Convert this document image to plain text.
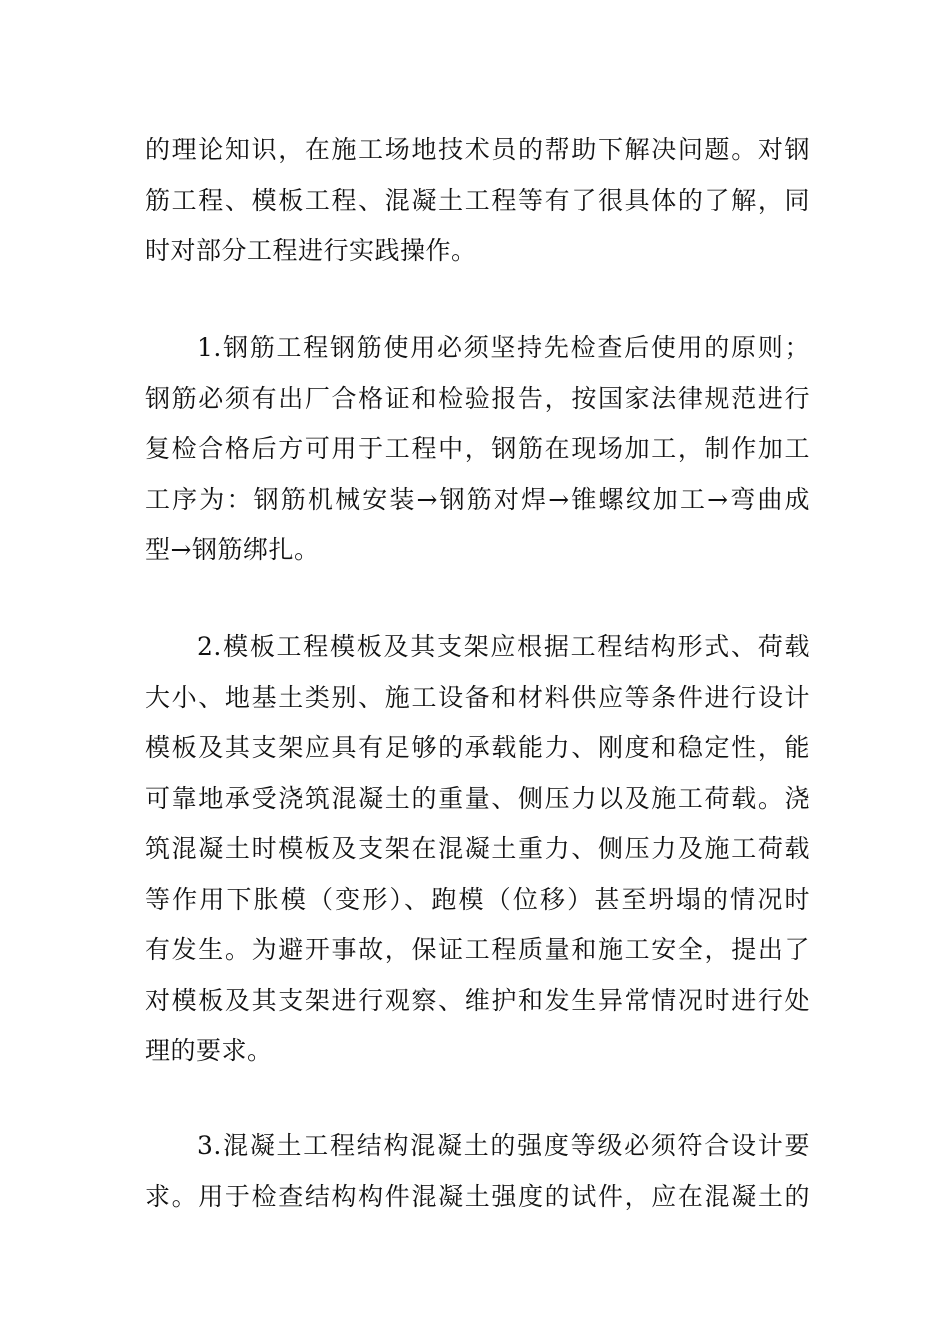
的理论知识，在施工场地技术员的帮助下解决问题。对钢
筋工程、模板工程、混凝土工程等有了很具体的了解，同
时对部分工程进行实践操作。
1.钢筋工程钢筋使用必须坚持先检查后使用的原则；
钢筋必须有出厂合格证和检验报告，按国家法律规范进行
复检合格后方可用于工程中，钢筋在现场加工，制作加工
工序为：钢筋机械安装→钢筋对焊→锥螺纹加工→弯曲成
型→钢筋绑扎。
2.模板工程模板及其支架应根据工程结构形式、荷载
大小、地基土类别、施工设备和材料供应等条件进行设计
模板及其支架应具有足够的承载能力、刚度和稳定性，能
可靠地承受浇筑混凝土的重量、侧压力以及施工荷载。浇
筑混凝土时模板及支架在混凝土重力、侧压力及施工荷载
等作用下胀模（变形）、跑模（位移）甚至坍塌的情况时
有发生。为避开事故，保证工程质量和施工安全，提出了
对模板及其支架进行观察、维护和发生异常情况时进行处
理的要求。
3.混凝土工程结构混凝土的强度等级必须符合设计要
求。用于检查结构构件混凝土强度的试件，应在混凝土的
